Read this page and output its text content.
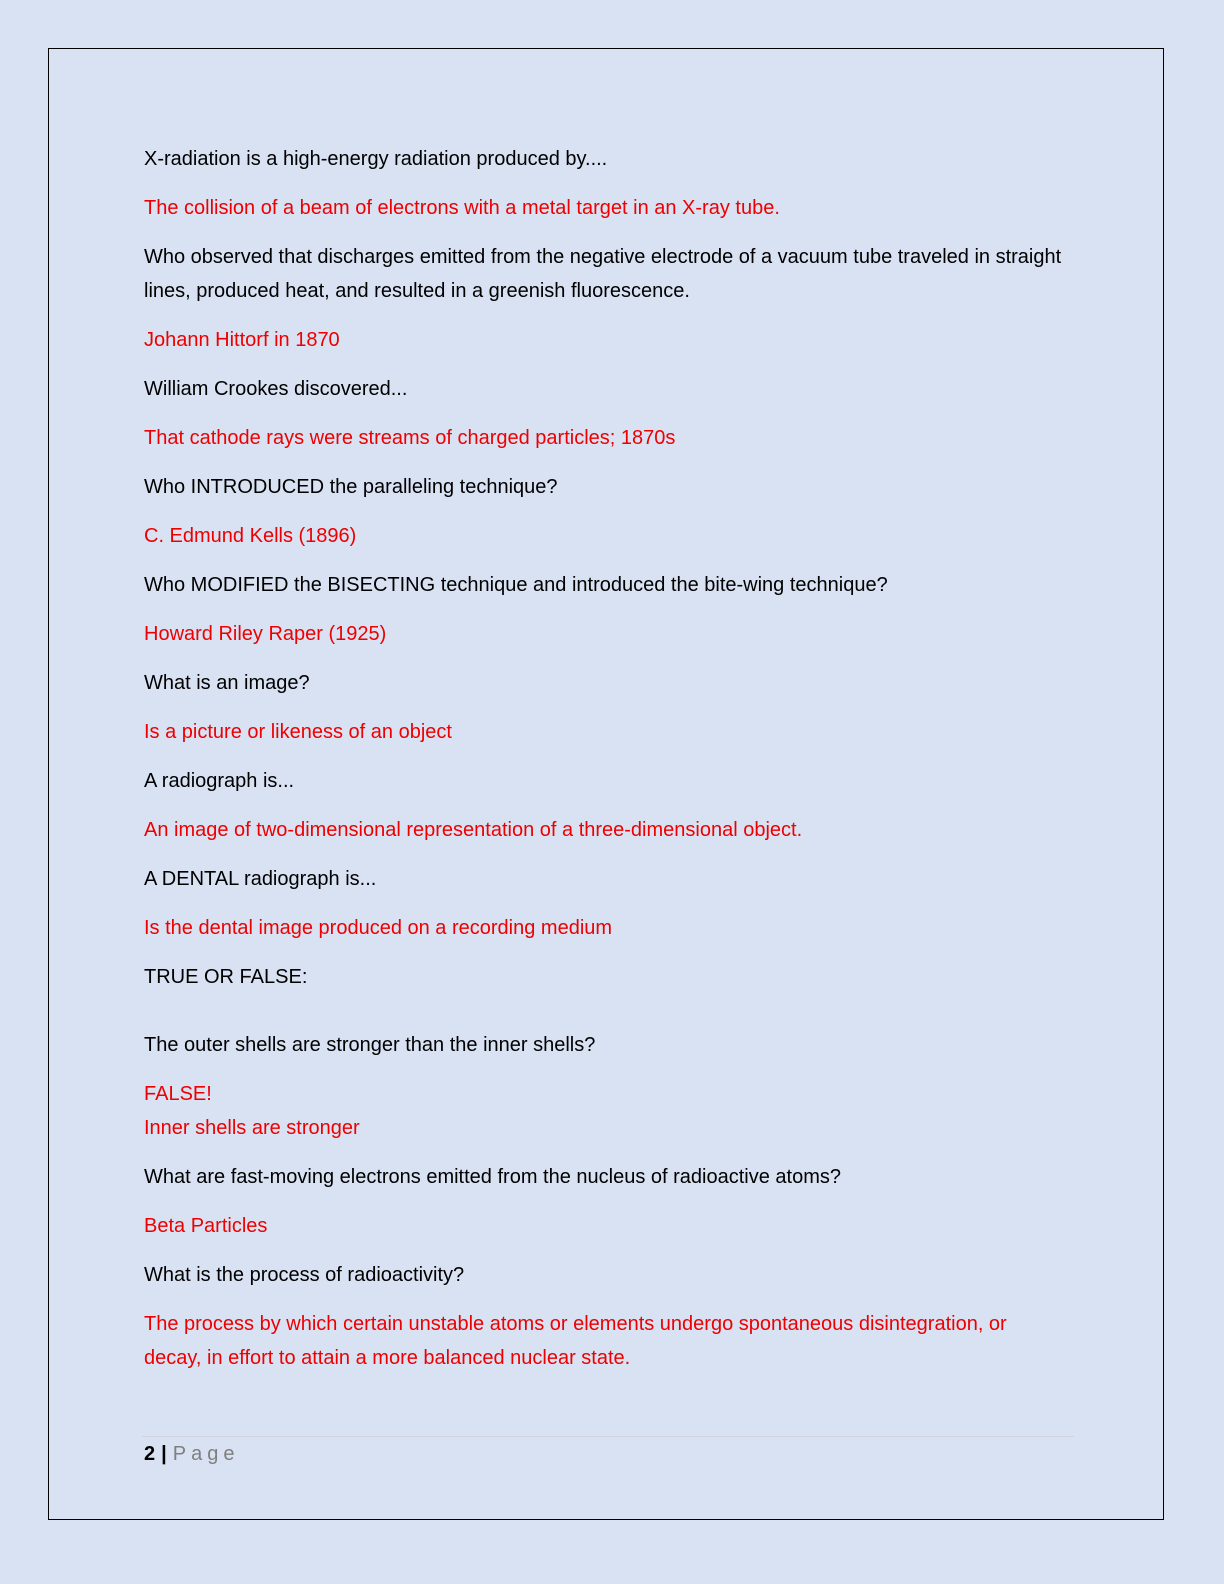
X-radiation is a high-energy radiation produced by....

The collision of a beam of electrons with a metal target in an X-ray tube.

Who observed that discharges emitted from the negative electrode of a vacuum tube traveled in straight lines, produced heat, and resulted in a greenish fluorescence.

Johann Hittorf in 1870

William Crookes discovered...

That cathode rays were streams of charged particles; 1870s

Who INTRODUCED the paralleling technique?

C. Edmund Kells (1896)

Who MODIFIED the BISECTING technique and introduced the bite-wing technique?

Howard Riley Raper (1925)

What is an image?

Is a picture or likeness of an object

A radiograph is...

An image of two-dimensional representation of a three-dimensional object.

A DENTAL radiograph is...

Is the dental image produced on a recording medium

TRUE OR FALSE:

The outer shells are stronger than the inner shells?

FALSE!

Inner shells are stronger

What are fast-moving electrons emitted from the nucleus of radioactive atoms?

Beta Particles

What is the process of radioactivity?

The process by which certain unstable atoms or elements undergo spontaneous disintegration, or decay, in effort to attain a more balanced nuclear state.

2 | Page
